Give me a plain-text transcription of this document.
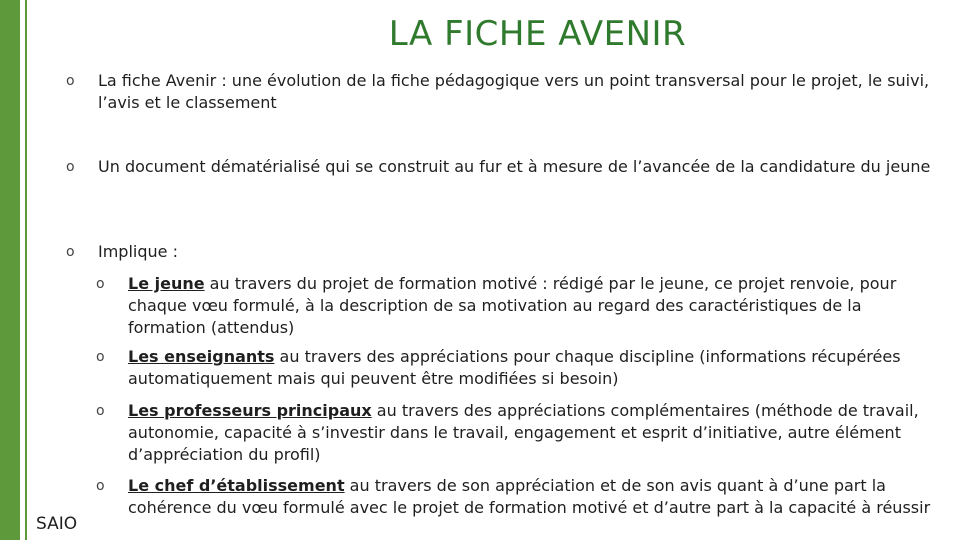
SAIO
LA FICHE AVENIR
o La fiche Avenir : une évolution de la fiche pédagogique vers un point transversal pour le projet, le suivi, l’avis et le classement
o Un document dématérialisé qui se construit au fur et à mesure de l’avancée de la candidature du jeune
o Implique :
o Le jeune au travers du projet de formation motivé : rédigé par le jeune, ce projet renvoie, pour chaque vœu formulé, à la description de sa motivation au regard des caractéristiques de la formation (attendus)
o Les enseignants au travers des appréciations pour chaque discipline (informations récupérées automatiquement mais qui peuvent être modifiées si besoin)
o Les professeurs principaux au travers des appréciations complémentaires (méthode de travail, autonomie, capacité à s’investir dans le travail, engagement et esprit d’initiative, autre élément d’appréciation du profil)
o Le chef d’établissement au travers de son appréciation et de son avis quant à d’une part la cohérence du vœu formulé avec le projet de formation motivé et d’autre part à la capacité à réussir
